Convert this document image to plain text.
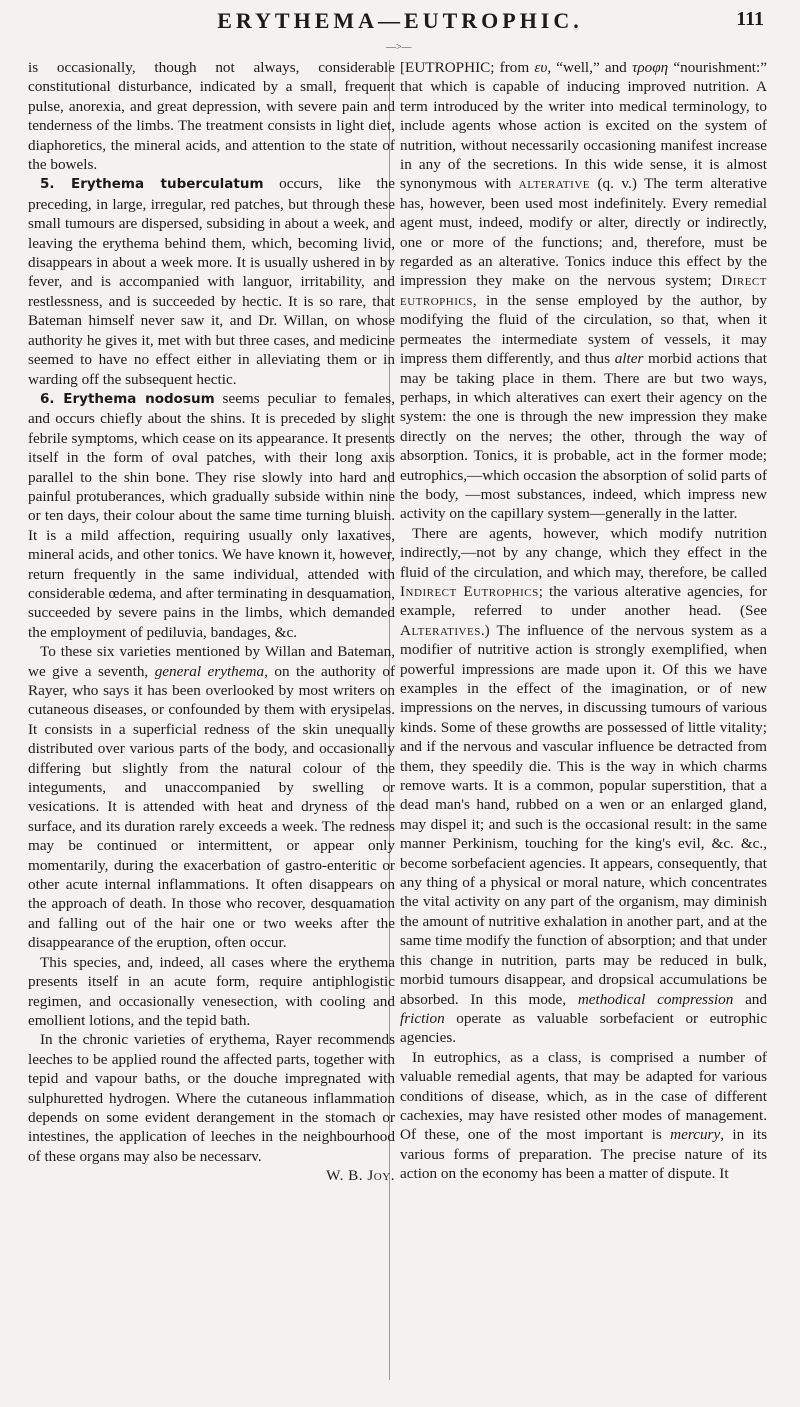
ERYTHEMA—EUTROPHIC.	111
—>—

is occasionally, though not always, considerable constitutional disturbance, indicated by a small, frequent pulse, anorexia, and great depression, with severe pain and tenderness of the limbs. The treatment consists in light diet, diaphoretics, the mineral acids, and attention to the state of the bowels.

5. Erythema tuberculatum occurs, like the preceding, in large, irregular, red patches, but through these small tumours are dispersed, subsiding in about a week, and leaving the erythema behind them, which, becoming livid, disappears in about a week more. It is usually ushered in by fever, and is accompanied with languor, irritability, and restlessness, and is succeeded by hectic. It is so rare, that Bateman himself never saw it, and Dr. Willan, on whose authority he gives it, met with but three cases, and medicine seemed to have no effect either in alleviating them or in warding off the subsequent hectic.

6. Erythema nodosum seems peculiar to females, and occurs chiefly about the shins. It is preceded by slight febrile symptoms, which cease on its appearance. It presents itself in the form of oval patches, with their long axis parallel to the shin bone. They rise slowly into hard and painful protuberances, which gradually subside within nine or ten days, their colour about the same time turning bluish. It is a mild affection, requiring usually only laxatives, mineral acids, and other tonics. We have known it, however, return frequently in the same individual, attended with considerable œdema, and after terminating in desquamation, succeeded by severe pains in the limbs, which demanded the employment of pediluvia, bandages, &c.

To these six varieties mentioned by Willan and Bateman, we give a seventh, general erythema, on the authority of Rayer, who says it has been overlooked by most writers on cutaneous diseases, or confounded by them with erysipelas. It consists in a superficial redness of the skin unequally distributed over various parts of the body, and occasionally differing but slightly from the natural colour of the integuments, and unaccompanied by swelling or vesications. It is attended with heat and dryness of the surface, and its duration rarely exceeds a week. The redness may be continued or intermittent, or appear only momentarily, during the exacerbation of gastro-enteritic or other acute internal inflammations. It often disappears on the approach of death. In those who recover, desquamation and falling out of the hair one or two weeks after the disappearance of the eruption, often occur.

This species, and, indeed, all cases where the erythema presents itself in an acute form, require antiphlogistic regimen, and occasionally venesection, with cooling and emollient lotions, and the tepid bath.

In the chronic varieties of erythema, Rayer recommends leeches to be applied round the affected parts, together with tepid and vapour baths, or the douche impregnated with sulphuretted hydrogen. Where the cutaneous inflammation depends on some evident derangement in the stomach or intestines, the application of leeches in the neighbourhood of these organs may also be necessarv.

W. B. Joy.

[EUTROPHIC; from ευ, “well,” and τροφη “nourishment:” that which is capable of inducing improved nutrition. A term introduced by the writer into medical terminology, to include agents whose action is excited on the system of nutrition, without necessarily occasioning manifest increase in any of the secretions. In this wide sense, it is almost synonymous with alterative (q. v.) The term alterative has, however, been used most indefinitely. Every remedial agent must, indeed, modify or alter, directly or indirectly, one or more of the functions; and, therefore, must be regarded as an alterative. Tonics induce this effect by the impression they make on the nervous system; Direct eutrophics, in the sense employed by the author, by modifying the fluid of the circulation, so that, when it permeates the intermediate system of vessels, it may impress them differently, and thus alter morbid actions that may be taking place in them. There are but two ways, perhaps, in which alteratives can exert their agency on the system: the one is through the new impression they make directly on the nerves; the other, through the way of absorption. Tonics, it is probable, act in the former mode; eutrophics,—which occasion the absorption of solid parts of the body, —most substances, indeed, which impress new activity on the capillary system—generally in the latter.

There are agents, however, which modify nutrition indirectly,—not by any change, which they effect in the fluid of the circulation, and which may, therefore, be called Indirect Eutrophics; the various alterative agencies, for example, referred to under another head. (See Alteratives.) The influence of the nervous system as a modifier of nutritive action is strongly exemplified, when powerful impressions are made upon it. Of this we have examples in the effect of the imagination, or of new impressions on the nerves, in discussing tumours of various kinds. Some of these growths are possessed of little vitality; and if the nervous and vascular influence be detracted from them, they speedily die. This is the way in which charms remove warts. It is a common, popular superstition, that a dead man's hand, rubbed on a wen or an enlarged gland, may dispel it; and such is the occasional result: in the same manner Perkinism, touching for the king's evil, &c. &c., become sorbefacient agencies. It appears, consequently, that any thing of a physical or moral nature, which concentrates the vital activity on any part of the organism, may diminish the amount of nutritive exhalation in another part, and at the same time modify the function of absorption; and that under this change in nutrition, parts may be reduced in bulk, morbid tumours disappear, and dropsical accumulations be absorbed. In this mode, methodical compression and friction operate as valuable sorbefacient or eutrophic agencies.

In eutrophics, as a class, is comprised a number of valuable remedial agents, that may be adapted for various conditions of disease, which, as in the case of different cachexies, may have resisted other modes of management. Of these, one of the most important is mercury, in its various forms of preparation. The precise nature of its action on the economy has been a matter of dispute. It
